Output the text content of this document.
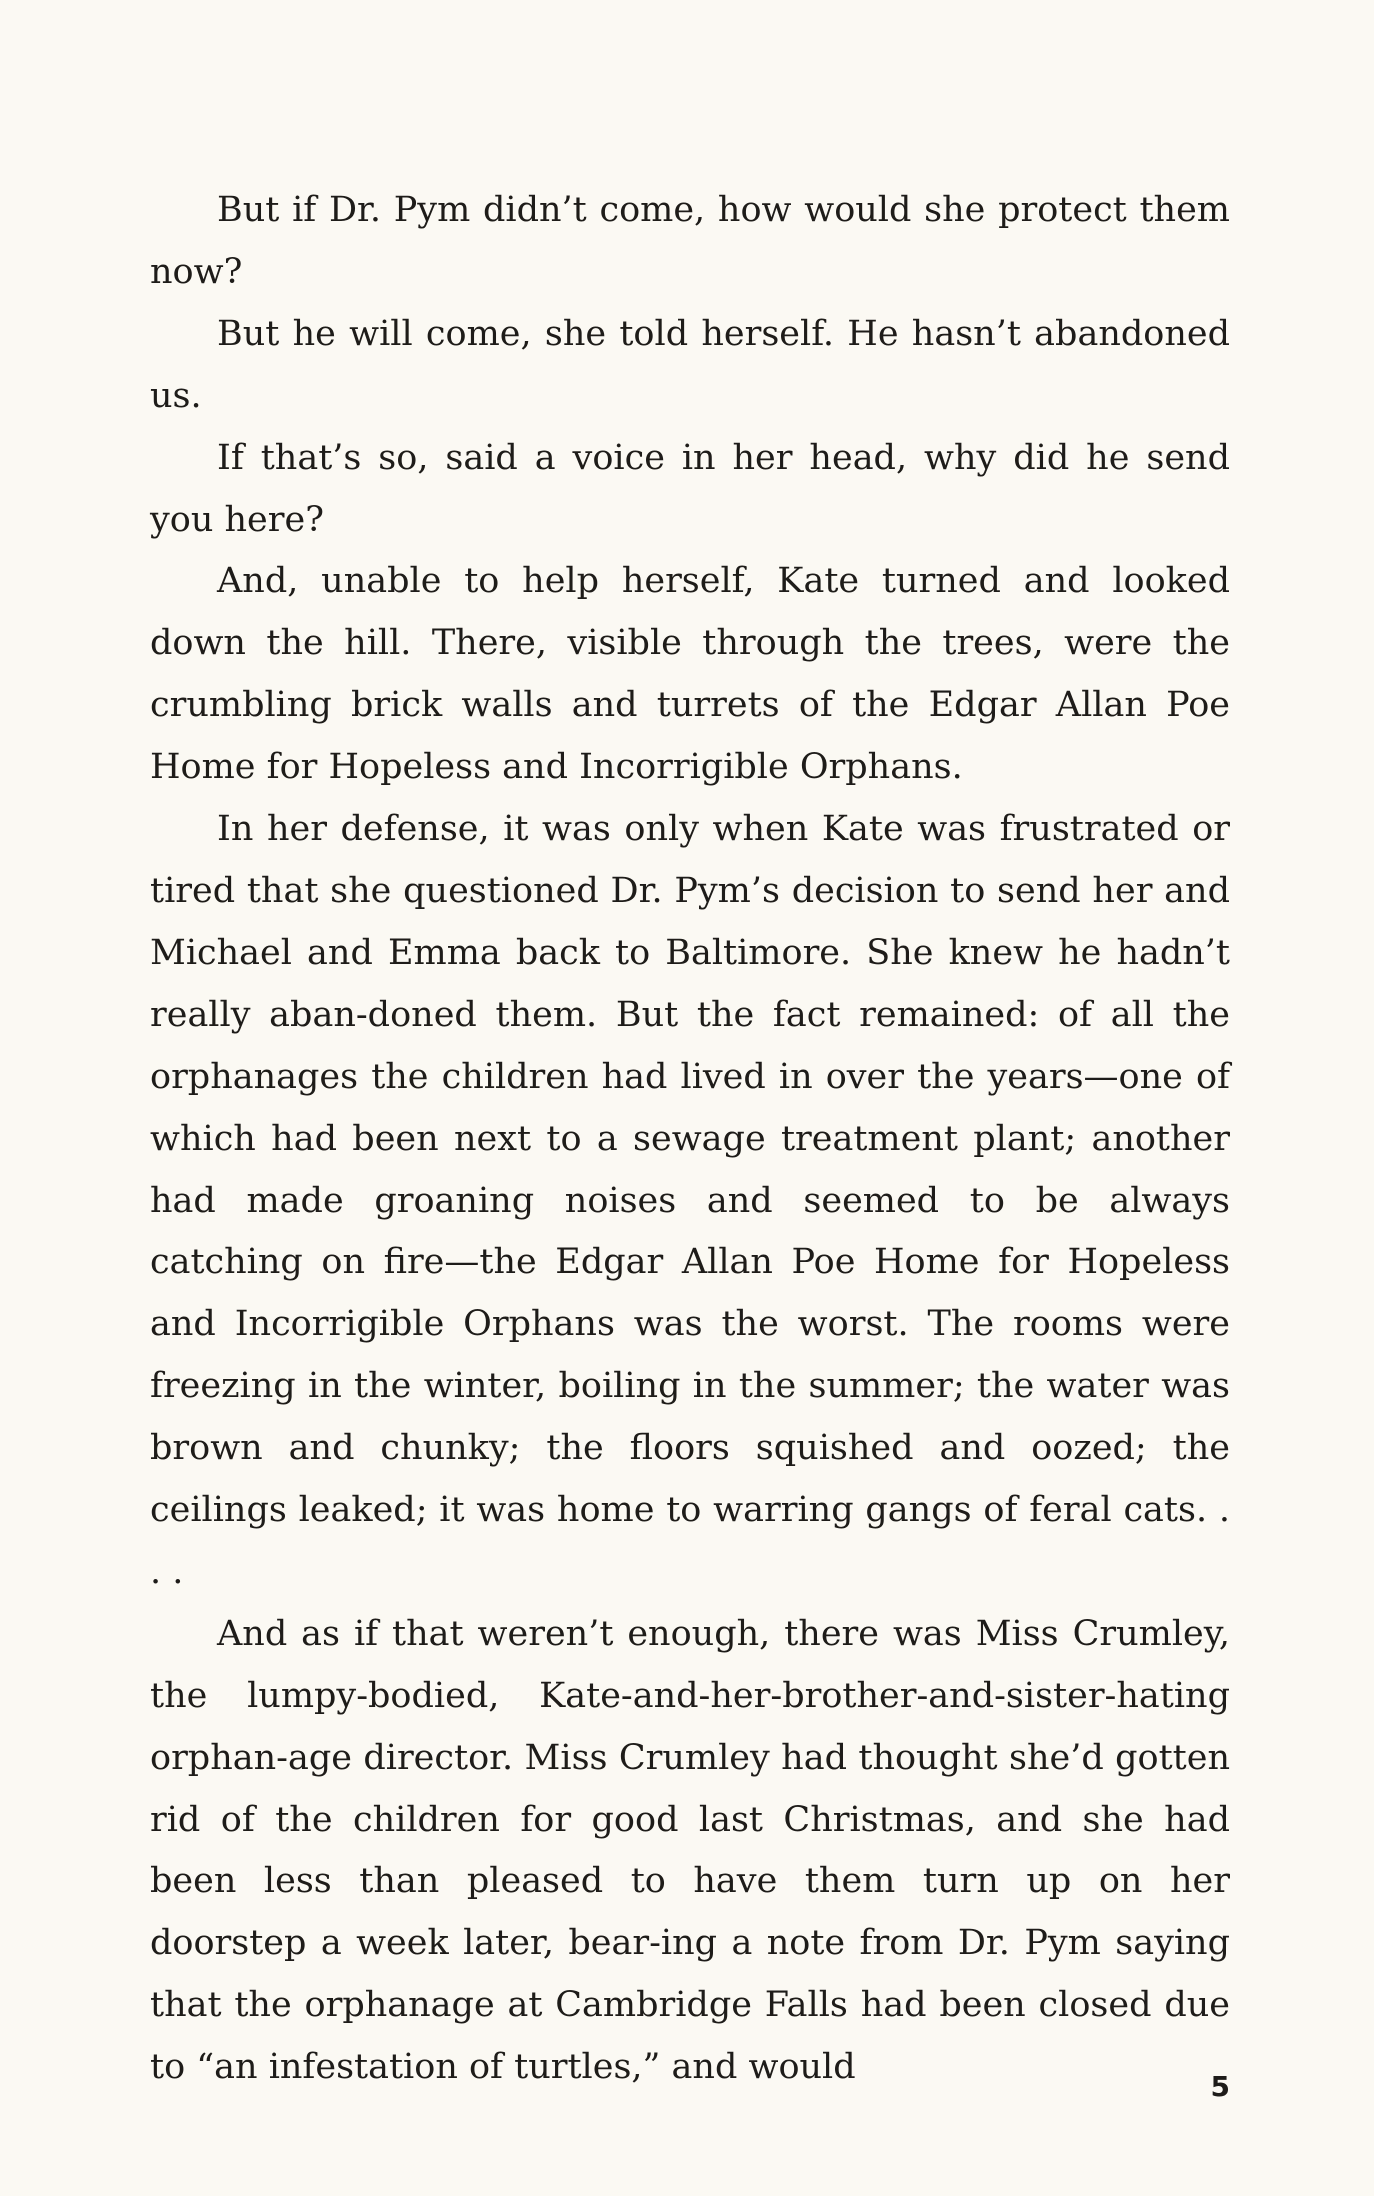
But if Dr. Pym didn’t come, how would she protect them now?

But he will come, she told herself. He hasn’t abandoned us.

If that’s so, said a voice in her head, why did he send you here?

And, unable to help herself, Kate turned and looked down the hill. There, visible through the trees, were the crumbling brick walls and turrets of the Edgar Allan Poe Home for Hopeless and Incorrigible Orphans.

In her defense, it was only when Kate was frustrated or tired that she questioned Dr. Pym’s decision to send her and Michael and Emma back to Baltimore. She knew he hadn’t really aban-doned them. But the fact remained: of all the orphanages the children had lived in over the years—one of which had been next to a sewage treatment plant; another had made groaning noises and seemed to be always catching on fire—the Edgar Allan Poe Home for Hopeless and Incorrigible Orphans was the worst. The rooms were freezing in the winter, boiling in the summer; the water was brown and chunky; the floors squished and oozed; the ceilings leaked; it was home to warring gangs of feral cats. . . .

And as if that weren’t enough, there was Miss Crumley, the lumpy-bodied, Kate-and-her-brother-and-sister-hating orphan-age director. Miss Crumley had thought she’d gotten rid of the children for good last Christmas, and she had been less than pleased to have them turn up on her doorstep a week later, bear-ing a note from Dr. Pym saying that the orphanage at Cambridge Falls had been closed due to “an infestation of turtles,” and would	5
